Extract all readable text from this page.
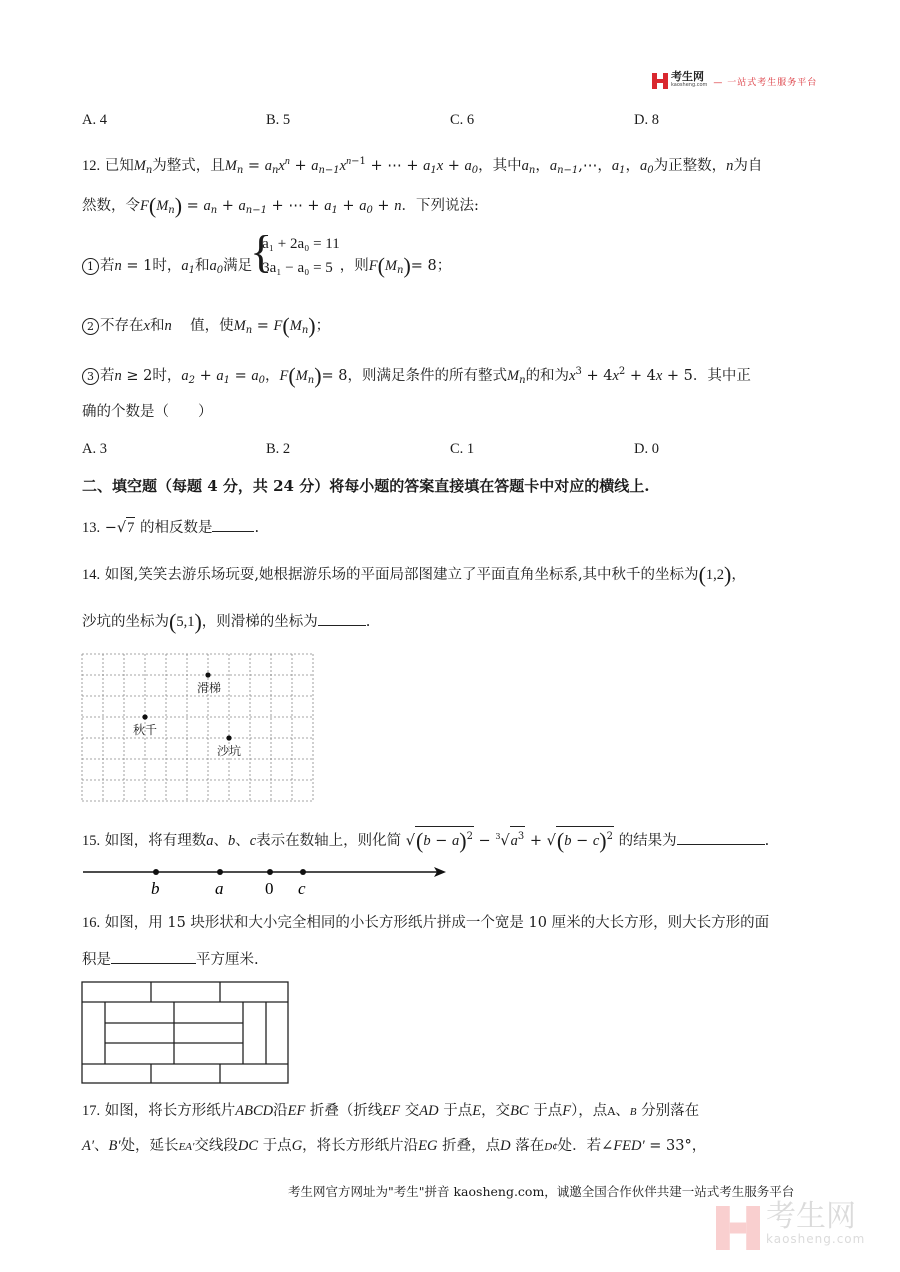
考生网
kaosheng.com — 一站式考生服务平台
A. 4	B. 5	C. 6	D. 8
12. 已知$M_n$为整式，且$M_n = a_nx^n + a_{n-1}x^{n-1}$ + ⋯ + $a_1x + a_0$，其中$a_n$，$a_{n-1},\cdots$，$a_1$，$a_0$为正整数，n为自
然数，令$F(M_n) = a_n + a_{n-1}$ + ⋯ + $a_1 + a_0 + n$．下列说法:
1 若n = 1时，$a_1$和$a_0$满足
{
a₁ + 2a₀ = 11
3a₁ − a₀ = 5 ，则$F(M_n)= 8$；
2 不存在x和n 值，使$M_n = F(M_n)$；
3 若n ≥ 2时，$a_2 + a_1 = a_0$，$F(M_n)= 8$，则满足条件的所有整式$M_n$的和为$x^3 + 4x^2 + 4x + 5$．其中正
确的个数是（　　）
A. 3	B. 2	C. 1	D. 0
二、填空题（每题 4 分，共 24 分）将每小题的答案直接填在答题卡中对应的横线上.
13. −√7 的相反数是	.
14. 如图,笑笑去游乐场玩耍,她根据游乐场的平面局部图建立了平面直角坐标系,其中秋千的坐标为(1,2)，
沙坑的坐标为(5,1)，则滑梯的坐标为	.
滑梯
秋千
沙坑
15. 如图，将有理数a、b、c表示在数轴上，则化简 $√(b - a)^2 - ^3√a^3 + √(b - c)^2$ 的结果为	.
b	a 0 c
16. 如图，用 15 块形状和大小完全相同的小长方形纸片拼成一个宽是 10 厘米的大长方形，则大长方形的面
积是	平方厘米.
17. 如图，将长方形纸片ABCD沿EF 折叠（折线EF 交AD 于点E，交BC 于点F），点A、B 分别落在
A′、B′处，延长EA′交线段DC 于点G，将长方形纸片沿EG 折叠，点D 落在D¢处．若∠FED′ = 33°，
考生网官方网址为"考生"拼音 kaosheng.com，诚邀全国合作伙伴共建一站式考生服务平台
考生网
kaosheng.com
